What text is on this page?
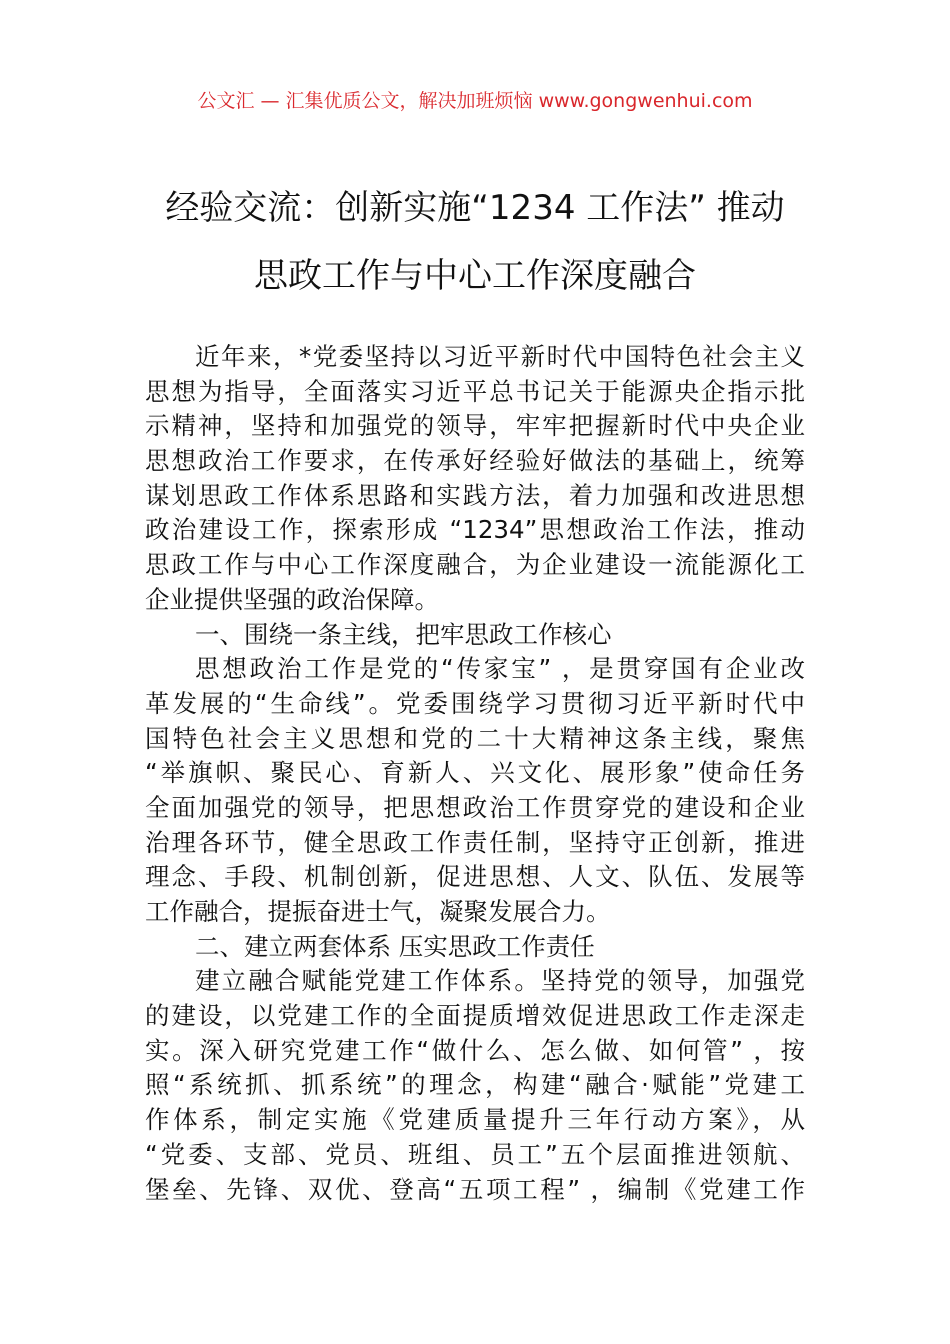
公文汇 — 汇集优质公文，解决加班烦恼 www.gongwenhui.com
经验交流：创新实施“1234 工作法” 推动
思政工作与中心工作深度融合
近年来，*党委坚持以习近平新时代中国特色社会主义
思想为指导，全面落实习近平总书记关于能源央企指示批
示精神，坚持和加强党的领导，牢牢把握新时代中央企业
思想政治工作要求，在传承好经验好做法的基础上，统筹
谋划思政工作体系思路和实践方法，着力加强和改进思想
政治建设工作，探索形成 “1234”思想政治工作法，推动
思政工作与中心工作深度融合，为企业建设一流能源化工
企业提供坚强的政治保障。
一、围绕一条主线，把牢思政工作核心
思想政治工作是党的“传家宝” ，是贯穿国有企业改
革发展的“生命线”。党委围绕学习贯彻习近平新时代中
国特色社会主义思想和党的二十大精神这条主线，聚焦
“举旗帜、聚民心、育新人、兴文化、展形象”使命任务
全面加强党的领导，把思想政治工作贯穿党的建设和企业
治理各环节，健全思政工作责任制，坚持守正创新，推进
理念、手段、机制创新，促进思想、人文、队伍、发展等
工作融合，提振奋进士气，凝聚发展合力。
二、建立两套体系 压实思政工作责任
建立融合赋能党建工作体系。坚持党的领导，加强党
的建设，以党建工作的全面提质增效促进思政工作走深走
实。深入研究党建工作“做什么、怎么做、如何管” ，按
照“系统抓、抓系统”的理念，构建“融合·赋能”党建工
作体系，制定实施《党建质量提升三年行动方案》，从
“党委、支部、党员、班组、员工”五个层面推进领航、
堡垒、先锋、双优、登高“五项工程” ，编制《党建工作
